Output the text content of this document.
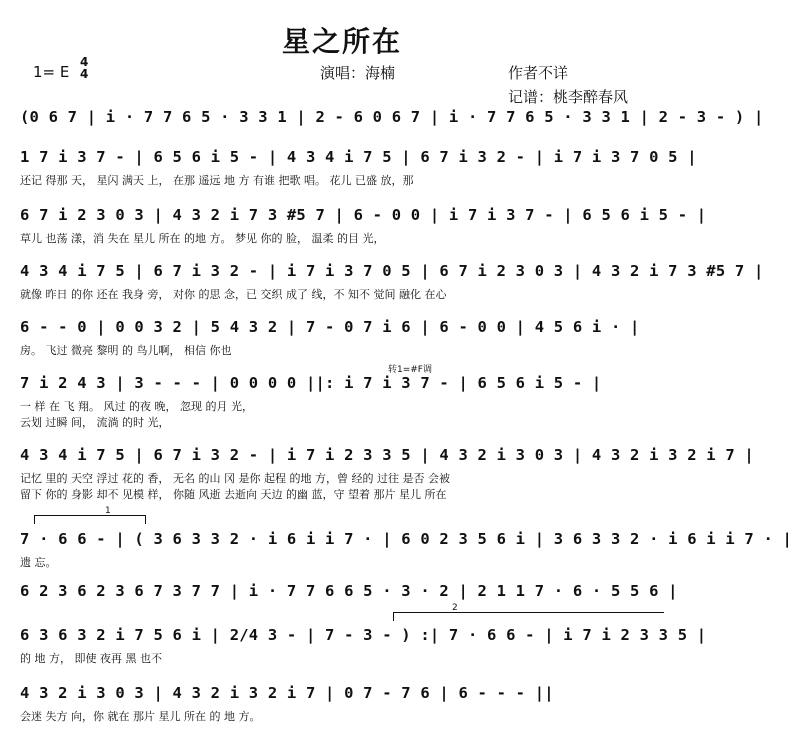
星之所在
1= E
4
4	演唱：海楠	作者不详
记谱：桃李醉春风
(0 6 7 | i · 7 7 6 5 · 3 3 1 | 2 - 6 0 6 7 | i · 7 7 6 5 · 3 3 1 | 2 - 3 - ) |
1 7 i 3 7 - | 6 5 6 i 5 - | 4 3 4 i 7 5 | 6 7 i 3 2 - | i 7 i 3 7 0 5 |
还记 得那 天， 星闪 满天 上， 在那 遥远 地 方 有谁 把歌 唱。 花儿 已盛 放，那
6 7 i 2 3 0 3 | 4 3 2 i 7 3 #5 7 | 6 - 0 0 | i 7 i 3 7 - | 6 5 6 i 5 - |
草儿 也荡 漾，消 失在 星儿 所在 的地 方。 梦见 你的 脸， 温柔 的目 光，
4 3 4 i 7 5 | 6 7 i 3 2 - | i 7 i 3 7 0 5 | 6 7 i 2 3 0 3 | 4 3 2 i 7 3 #5 7 |
就像 昨日 的你 还在 我身 旁， 对你 的思 念，已 交织 成了 线，不 知不 觉间 融化 在心
6 - - 0 | 0 0 3 2 | 5 4 3 2 | 7 - 0 7 i 6 | 6 - 0 0 | 4 5 6 i · |
房。 飞过 微亮 黎明 的 鸟儿啊， 相信 你也
转1=#F调
7 i 2 4 3 | 3 - - - | 0 0 0 0 ||: i 7 i 3 7 - | 6 5 6 i 5 - |
一 样 在 飞 翔。 风过 的夜 晚， 忽现 的月 光，
云划 过瞬 间， 流淌 的时 光，
4 3 4 i 7 5 | 6 7 i 3 2 - | i 7 i 2 3 3 5 | 4 3 2 i 3 0 3 | 4 3 2 i 3 2 i 7 |
记忆 里的 天空 浮过 花的 香， 无名 的山 冈 是你 起程 的地 方，曾 经的 过往 是否 会被
留下 你的 身影 却不 见模 样， 你随 风逝 去逝向 天边 的幽 蓝，守 望着 那片 星儿 所在
1
7 · 6 6 - | ( 3 6 3 3 2 · i 6 i i 7 · | 6 0 2 3 5 6 i | 3 6 3 3 2 · i 6 i i 7 · |
遗 忘。
6 2 3 6 2 3 6 7 3 7 7 | i · 7 7 6 6 5 · 3 · 2 | 2 1 1 7 · 6 · 5 5 6 |
2
6 3 6 3 2 i 7 5 6 i | 2/4 3 - | 7 - 3 - ) :| 7 · 6 6 - | i 7 i 2 3 3 5 |
的 地 方， 即使 夜再 黑 也不
4 3 2 i 3 0 3 | 4 3 2 i 3 2 i 7 | 0 7 - 7 6 | 6 - - - ||
会迷 失方 向，你 就在 那片 星儿 所在 的 地 方。
